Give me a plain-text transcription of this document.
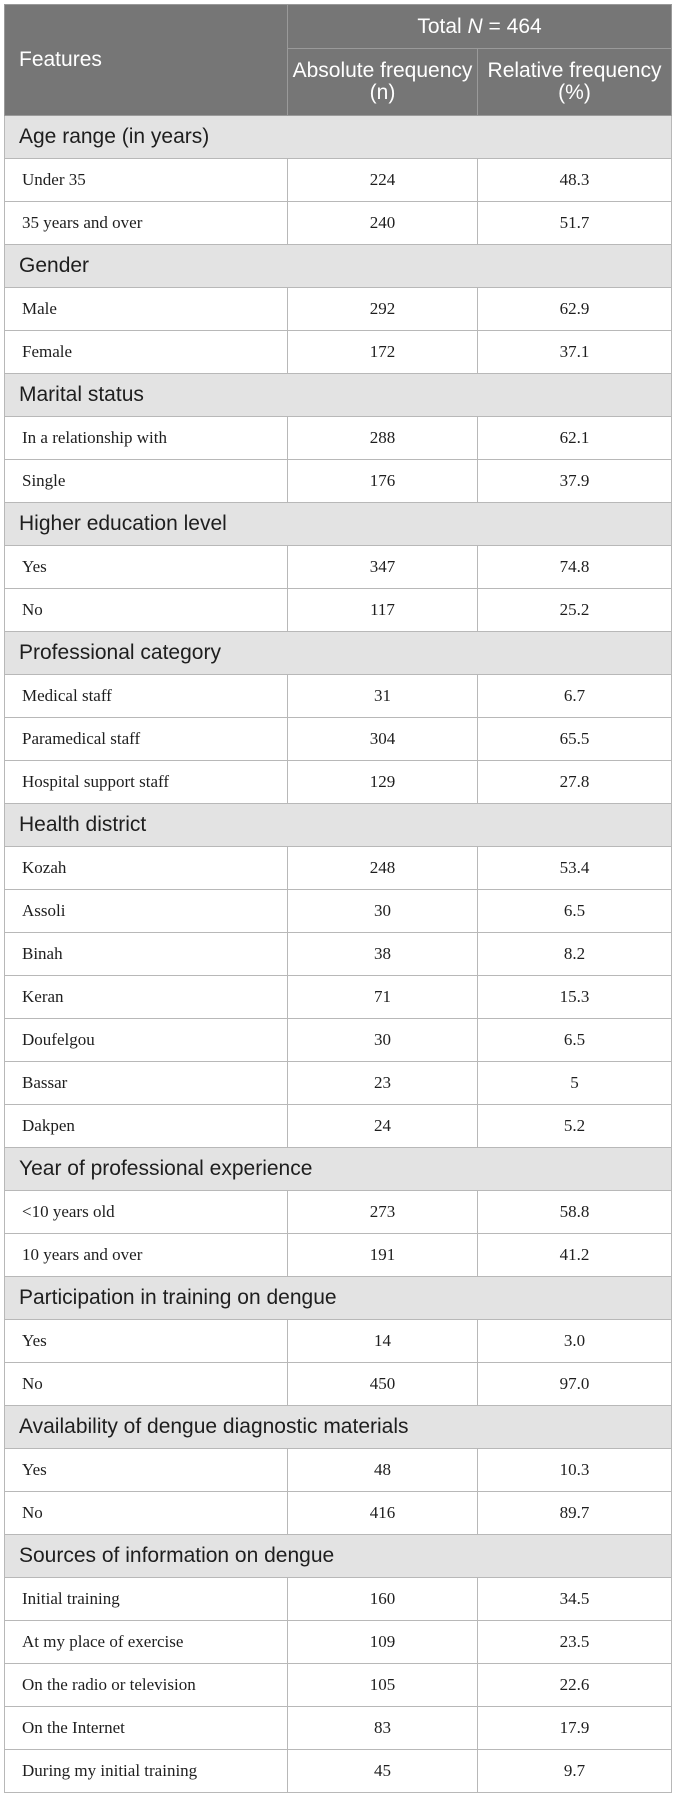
Features	Total N = 464	
	Absolute frequency (n)	Relative frequency (%)
Age range (in years)		
Under 35	224	48.3
35 years and over	240	51.7
Gender		
Male	292	62.9
Female	172	37.1
Marital status		
In a relationship with	288	62.1
Single	176	37.9
Higher education level		
Yes	347	74.8
No	117	25.2
Professional category		
Medical staff	31	6.7
Paramedical staff	304	65.5
Hospital support staff	129	27.8
Health district		
Kozah	248	53.4
Assoli	30	6.5
Binah	38	8.2
Keran	71	15.3
Doufelgou	30	6.5
Bassar	23	5
Dakpen	24	5.2
Year of professional experience		
<10 years old	273	58.8
10 years and over	191	41.2
Participation in training on dengue		
Yes	14	3.0
No	450	97.0
Availability of dengue diagnostic materials		
Yes	48	10.3
No	416	89.7
Sources of information on dengue		
Initial training	160	34.5
At my place of exercise	109	23.5
On the radio or television	105	22.6
On the Internet	83	17.9
During my initial training	45	9.7
